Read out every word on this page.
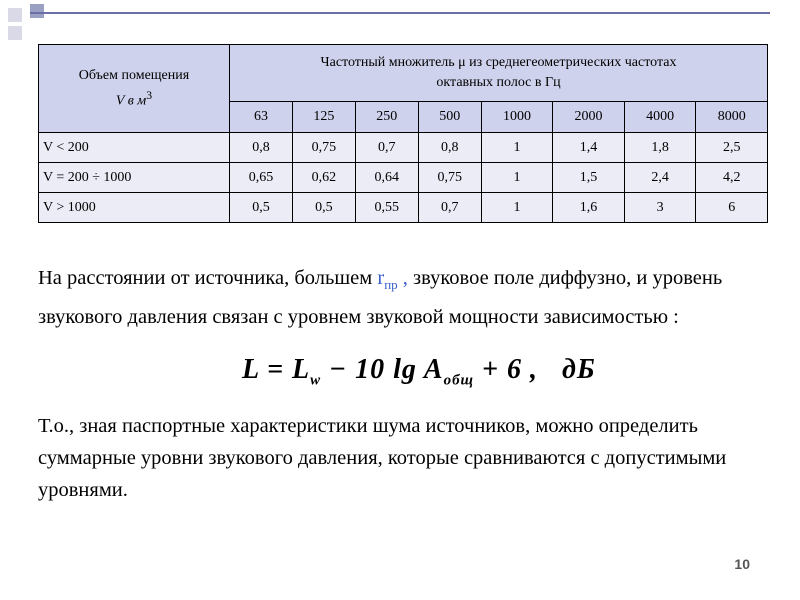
Объем помещения
V в $м^3$	Частотный множитель μ из среднегеометрических частотах
октавных полос в Гц							
	63	125	250	500	1000	2000	4000	8000
V < 200	0,8	0,75	0,7	0,8	1	1,4	1,8	2,5
V = 200 ÷ 1000	0,65	0,62	0,64	0,75	1	1,5	2,4	4,2
V > 1000	0,5	0,5	0,55	0,7	1	1,6	3	6
На расстоянии от источника, большем $r_{пр}$ , звуковое поле диффузно, и уровень звукового давления связан с уровнем звуковой мощности зависимостью :
$L = L_w - 10$ $\lg A_{общ} + 6$ , дБ
Т.о., зная паспортные характеристики шума источников, можно определить суммарные уровни звукового давления, которые сравниваются с допустимыми уровнями.
10
